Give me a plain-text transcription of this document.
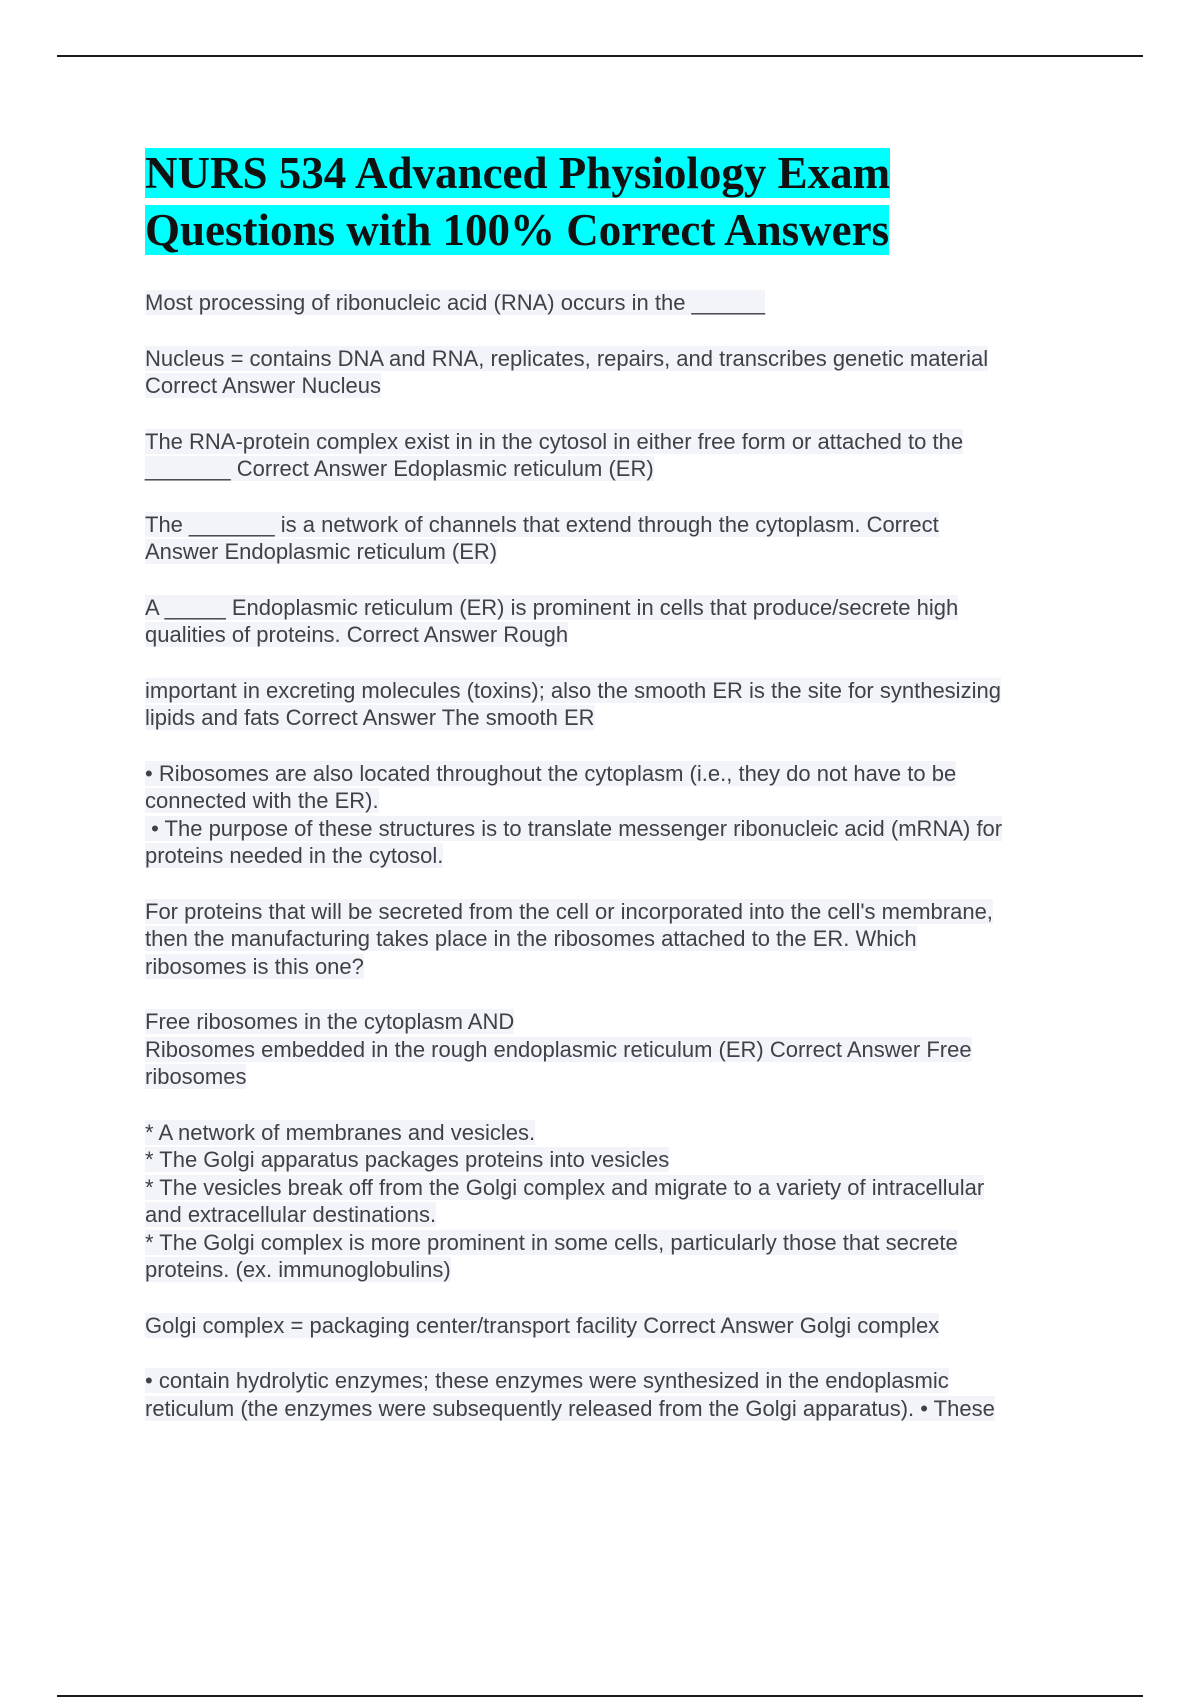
NURS 534 Advanced Physiology Exam
Questions with 100% Correct Answers
Most processing of ribonucleic acid (RNA) occurs in the ______
Nucleus = contains DNA and RNA, replicates, repairs, and transcribes genetic material
Correct Answer Nucleus
The RNA-protein complex exist in in the cytosol in either free form or attached to the
_______ Correct Answer Edoplasmic reticulum (ER)
The _______ is a network of channels that extend through the cytoplasm. Correct
Answer Endoplasmic reticulum (ER)
A _____ Endoplasmic reticulum (ER) is prominent in cells that produce/secrete high
qualities of proteins. Correct Answer Rough
important in excreting molecules (toxins); also the smooth ER is the site for synthesizing
lipids and fats Correct Answer The smooth ER
• Ribosomes are also located throughout the cytoplasm (i.e., they do not have to be
connected with the ER).
• The purpose of these structures is to translate messenger ribonucleic acid (mRNA) for
proteins needed in the cytosol.
For proteins that will be secreted from the cell or incorporated into the cell's membrane,
then the manufacturing takes place in the ribosomes attached to the ER. Which
ribosomes is this one?
Free ribosomes in the cytoplasm AND
Ribosomes embedded in the rough endoplasmic reticulum (ER) Correct Answer Free
ribosomes
* A network of membranes and vesicles.
* The Golgi apparatus packages proteins into vesicles
* The vesicles break off from the Golgi complex and migrate to a variety of intracellular
and extracellular destinations.
* The Golgi complex is more prominent in some cells, particularly those that secrete
proteins. (ex. immunoglobulins)
Golgi complex = packaging center/transport facility Correct Answer Golgi complex
• contain hydrolytic enzymes; these enzymes were synthesized in the endoplasmic
reticulum (the enzymes were subsequently released from the Golgi apparatus). • These
